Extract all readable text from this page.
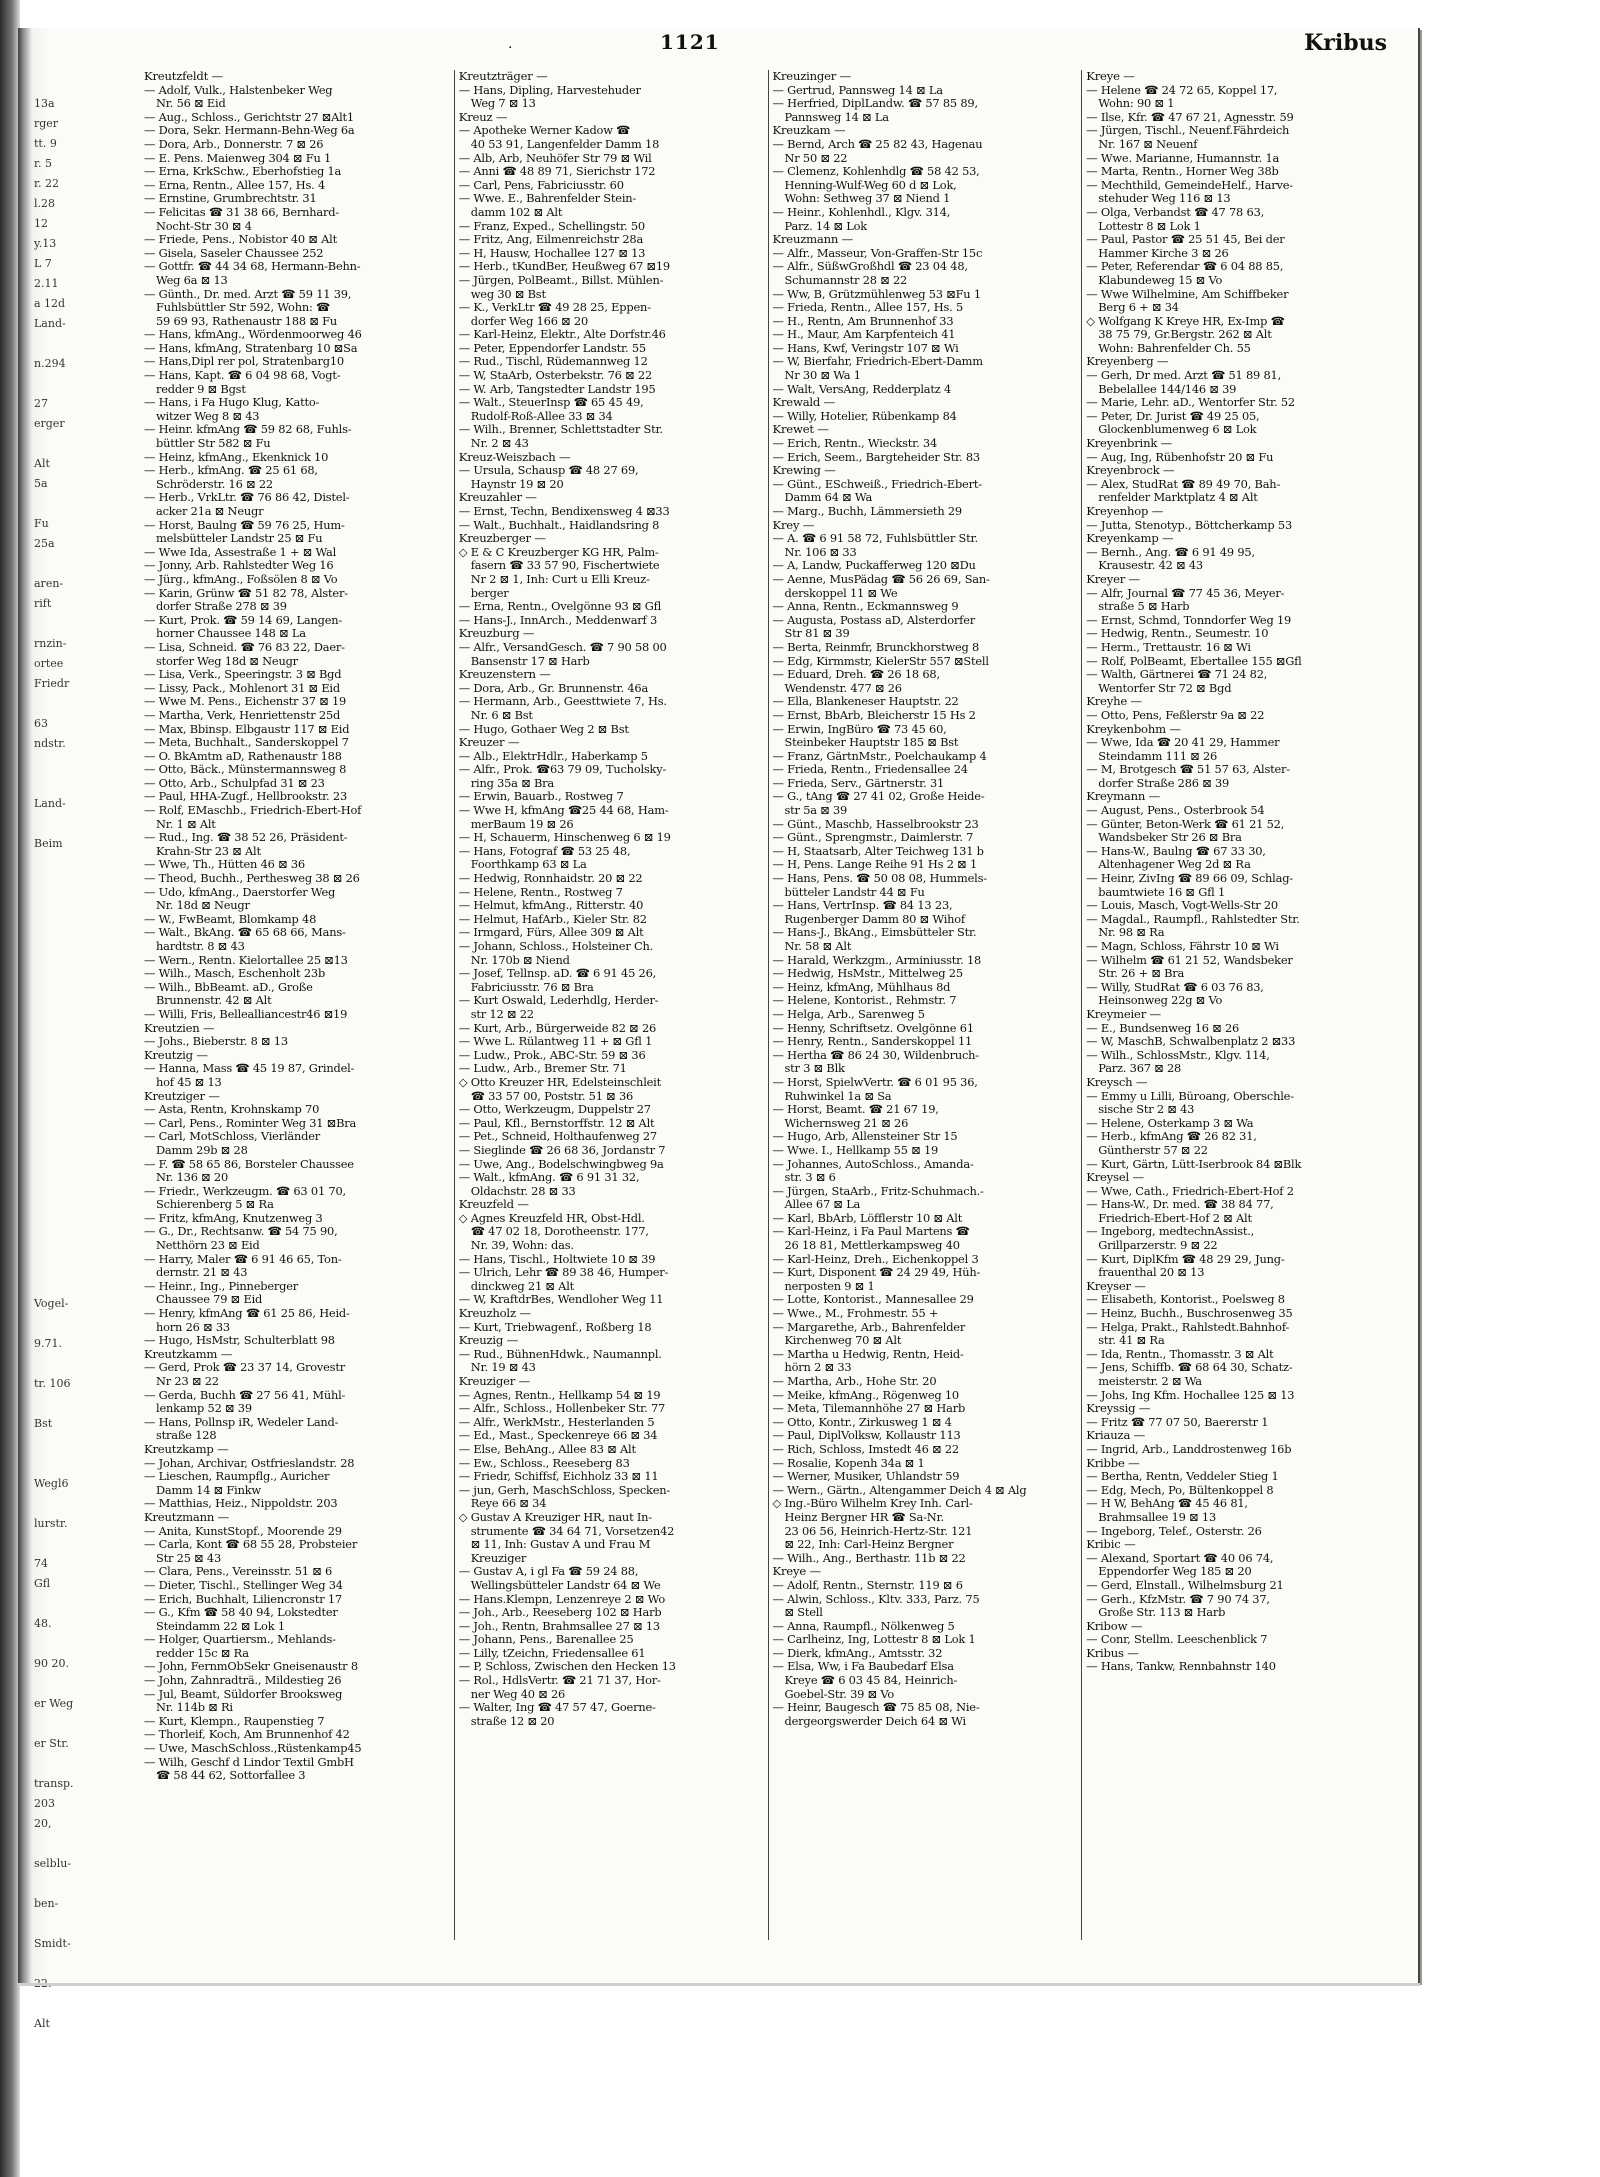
13a
rger
tt. 9
r. 5
r. 22
l.28
12
y.13
L 7
2.11
a 12d
Land-
n.294
27
erger
Alt
5a
Fu
25a
aren-
rift
rnzin-
ortee
Friedr
63
ndstr.
Land-
Beim
Vogel-
9.71.
tr. 106
Bst
Wegl6
lurstr.
74
Gfl
48.
90 20.
er Weg
er Str.
transp.
203
20,
selblu-
ben-
Smidt-
Alt
.	1121	Kribus
Kreutzfeldt —
— Adolf, Vulk., Halstenbeker Weg
Nr. 56 ⊠ Eid
— Aug., Schloss., Gerichtstr 27 ⊠Alt1
— Dora, Sekr. Hermann-Behn-Weg 6a
— Dora, Arb., Donnerstr. 7 ⊠ 26
— E. Pens. Maienweg 304 ⊠ Fu 1
— Erna, KrkSchw., Eberhofstieg 1a
— Erna, Rentn., Allee 157, Hs. 4
— Ernstine, Grumbrechtstr. 31
— Felicitas ☎ 31 38 66, Bernhard-
Nocht-Str 30 ⊠ 4
— Friede, Pens., Nobistor 40 ⊠ Alt
— Gisela, Saseler Chaussee 252
— Gottfr. ☎ 44 34 68, Hermann-Behn-
Weg 6a ⊠ 13
— Günth., Dr. med. Arzt ☎ 59 11 39,
Fuhlsbüttler Str 592, Wohn: ☎
59 69 93, Rathenaustr 188 ⊠ Fu
— Hans, kfmAng., Wördenmoorweg 46
— Hans, kfmAng, Stratenbarg 10 ⊠Sa
— Hans,Dipl rer pol, Stratenbarg10
— Hans, Kapt. ☎ 6 04 98 68, Vogt-
redder 9 ⊠ Bgst
— Hans, i Fa Hugo Klug, Katto-
witzer Weg 8 ⊠ 43
— Heinr. kfmAng ☎ 59 82 68, Fuhls-
büttler Str 582 ⊠ Fu
— Heinz, kfmAng., Ekenknick 10
— Herb., kfmAng. ☎ 25 61 68,
Schröderstr. 16 ⊠ 22
— Herb., VrkLtr. ☎ 76 86 42, Distel-
acker 21a ⊠ Neugr
— Horst, Baulng ☎ 59 76 25, Hum-
melsbütteler Landstr 25 ⊠ Fu
— Wwe Ida, Assestraße 1 + ⊠ Wal
— Jonny, Arb. Rahlstedter Weg 16
— Jürg., kfmAng., Foßsölen 8 ⊠ Vo
— Karin, Grünw ☎ 51 82 78, Alster-
dorfer Straße 278 ⊠ 39
— Kurt, Prok. ☎ 59 14 69, Langen-
horner Chaussee 148 ⊠ La
— Lisa, Schneid. ☎ 76 83 22, Daer-
storfer Weg 18d ⊠ Neugr
— Lisa, Verk., Speeringstr. 3 ⊠ Bgd
— Lissy, Pack., Mohlenort 31 ⊠ Eid
— Wwe M. Pens., Eichenstr 37 ⊠ 19
— Martha, Verk, Henriettenstr 25d
— Max, Bbinsp. Elbgaustr 117 ⊠ Eid
— Meta, Buchhalt., Sanderskoppel 7
— O. BkAmtm aD, Rathenaustr 188
— Otto, Bäck., Münstermannsweg 8
— Otto, Arb., Schulpfad 31 ⊠ 23
— Paul, HHA-Zugf., Hellbrookstr. 23
— Rolf, EMaschb., Friedrich-Ebert-Hof
Nr. 1 ⊠ Alt
— Rud., Ing. ☎ 38 52 26, Präsident-
Krahn-Str 23 ⊠ Alt
— Wwe, Th., Hütten 46 ⊠ 36
— Theod, Buchh., Perthesweg 38 ⊠ 26
— Udo, kfmAng., Daerstorfer Weg
Nr. 18d ⊠ Neugr
— W., FwBeamt, Blomkamp 48
— Walt., BkAng. ☎ 65 68 66, Mans-
hardtstr. 8 ⊠ 43
— Wern., Rentn. Kielortallee 25 ⊠13
— Wilh., Masch, Eschenholt 23b
— Wilh., BbBeamt. aD., Große
Brunnenstr. 42 ⊠ Alt
— Willi, Fris, Bellealliancestr46 ⊠19
Kreutzien —
— Johs., Bieberstr. 8 ⊠ 13
Kreutzig —
— Hanna, Mass ☎ 45 19 87, Grindel-
hof 45 ⊠ 13
Kreutziger —
— Asta, Rentn, Krohnskamp 70
— Carl, Pens., Rominter Weg 31 ⊠Bra
— Carl, MotSchloss, Vierländer
Damm 29b ⊠ 28
— F. ☎ 58 65 86, Borsteler Chaussee
Nr. 136 ⊠ 20
— Friedr., Werkzeugm. ☎ 63 01 70,
Schierenberg 5 ⊠ Ra
— Fritz, kfmAng, Knutzenweg 3
— G., Dr., Rechtsanw. ☎ 54 75 90,
Netthörn 23 ⊠ Eid
— Harry, Maler ☎ 6 91 46 65, Ton-
dernstr. 21 ⊠ 43
— Heinr., Ing., Pinneberger
Chaussee 79 ⊠ Eid
— Henry, kfmAng ☎ 61 25 86, Heid-
horn 26 ⊠ 33
— Hugo, HsMstr, Schulterblatt 98
Kreutzkamm —
— Gerd, Prok ☎ 23 37 14, Grovestr
Nr 23 ⊠ 22
— Gerda, Buchh ☎ 27 56 41, Mühl-
lenkamp 52 ⊠ 39
— Hans, Pollnsp iR, Wedeler Land-
straße 128
Kreutzkamp —
— Johan, Archivar, Ostfrieslandstr. 28
— Lieschen, Raumpflg., Auricher
Damm 14 ⊠ Finkw
— Matthias, Heiz., Nippoldstr. 203
Kreutzmann —
— Anita, KunstStopf., Moorende 29
— Carla, Kont ☎ 68 55 28, Probsteier
Str 25 ⊠ 43
— Clara, Pens., Vereinsstr. 51 ⊠ 6
— Dieter, Tischl., Stellinger Weg 34
— Erich, Buchhalt, Liliencronstr 17
— G., Kfm ☎ 58 40 94, Lokstedter
Steindamm 22 ⊠ Lok 1
— Holger, Quartiersm., Mehlands-
redder 15c ⊠ Ra
— John, FernmObSekr Gneisenaustr 8
— John, Zahnradträ., Mildestieg 26
— Jul, Beamt, Süldorfer Brooksweg
Nr. 114b ⊠ Ri
— Kurt, Klempn., Raupenstieg 7
— Thorleif, Koch, Am Brunnenhof 42
— Uwe, MaschSchloss.,Rüstenkamp45
— Wilh, Geschf d Lindor Textil GmbH
☎ 58 44 62, Sottorfallee 3
Kreutzträger —
— Hans, Dipling, Harvestehuder
Weg 7 ⊠ 13
Kreuz —
— Apotheke Werner Kadow ☎
40 53 91, Langenfelder Damm 18
— Alb, Arb, Neuhöfer Str 79 ⊠ Wil
— Anni ☎ 48 89 71, Sierichstr 172
— Carl, Pens, Fabriciusstr. 60
— Wwe. E., Bahrenfelder Stein-
damm 102 ⊠ Alt
— Franz, Exped., Schellingstr. 50
— Fritz, Ang, Eilmenreichstr 28a
— H, Hausw, Hochallee 127 ⊠ 13
— Herb., tKundBer, Heußweg 67 ⊠19
— Jürgen, PolBeamt., Billst. Mühlen-
weg 30 ⊠ Bst
— K., VerkLtr ☎ 49 28 25, Eppen-
dorfer Weg 166 ⊠ 20
— Karl-Heinz, Elektr., Alte Dorfstr.46
— Peter, Eppendorfer Landstr. 55
— Rud., Tischl, Rüdemannweg 12
— W, StaArb, Osterbekstr. 76 ⊠ 22
— W. Arb, Tangstedter Landstr 195
— Walt., SteuerInsp ☎ 65 45 49,
Rudolf-Roß-Allee 33 ⊠ 34
— Wilh., Brenner, Schlettstadter Str.
Nr. 2 ⊠ 43
Kreuz-Weiszbach —
— Ursula, Schausp ☎ 48 27 69,
Haynstr 19 ⊠ 20
Kreuzahler —
— Ernst, Techn, Bendixensweg 4 ⊠33
— Walt., Buchhalt., Haidlandsring 8
Kreuzberger —
◇ E & C Kreuzberger KG HR, Palm-
fasern ☎ 33 57 90, Fischertwiete
Nr 2 ⊠ 1, Inh: Curt u Elli Kreuz-
berger
— Erna, Rentn., Ovelgönne 93 ⊠ Gfl
— Hans-J., InnArch., Meddenwarf 3
Kreuzburg —
— Alfr., VersandGesch. ☎ 7 90 58 00
Bansenstr 17 ⊠ Harb
Kreuzenstern —
— Dora, Arb., Gr. Brunnenstr. 46a
— Hermann, Arb., Geesttwiete 7, Hs.
Nr. 6 ⊠ Bst
— Hugo, Gothaer Weg 2 ⊠ Bst
Kreuzer —
— Alb., ElektrHdlr., Haberkamp 5
— Alfr., Prok. ☎63 79 09, Tucholsky-
ring 35a ⊠ Bra
— Erwin, Bauarb., Rostweg 7
— Wwe H, kfmAng ☎25 44 68, Ham-
merBaum 19 ⊠ 26
— H, Schauerm, Hinschenweg 6 ⊠ 19
— Hans, Fotograf ☎ 53 25 48,
Foorthkamp 63 ⊠ La
— Hedwig, Ronnhaidstr. 20 ⊠ 22
— Helene, Rentn., Rostweg 7
— Helmut, kfmAng., Ritterstr. 40
— Helmut, HafArb., Kieler Str. 82
— Irmgard, Fürs, Allee 309 ⊠ Alt
— Johann, Schloss., Holsteiner Ch.
Nr. 170b ⊠ Niend
— Josef, Tellnsp. aD. ☎ 6 91 45 26,
Fabriciusstr. 76 ⊠ Bra
— Kurt Oswald, Lederhdlg, Herder-
str 12 ⊠ 22
— Kurt, Arb., Bürgerweide 82 ⊠ 26
— Wwe L. Rülantweg 11 + ⊠ Gfl 1
— Ludw., Prok., ABC-Str. 59 ⊠ 36
— Ludw., Arb., Bremer Str. 71
◇ Otto Kreuzer HR, Edelsteinschleit
☎ 33 57 00, Poststr. 51 ⊠ 36
— Otto, Werkzeugm, Duppelstr 27
— Paul, Kfl., Bernstorffstr. 12 ⊠ Alt
— Pet., Schneid, Holthaufenweg 27
— Sieglinde ☎ 26 68 36, Jordanstr 7
— Uwe, Ang., Bodelschwingbweg 9a
— Walt., kfmAng. ☎ 6 91 31 32,
Oldachstr. 28 ⊠ 33
Kreuzfeld —
◇ Agnes Kreuzfeld HR, Obst-Hdl.
☎ 47 02 18, Dorotheenstr. 177,
Nr. 39, Wohn: das.
— Hans, Tischl., Holtwiete 10 ⊠ 39
— Ulrich, Lehr ☎ 89 38 46, Humper-
dinckweg 21 ⊠ Alt
— W, KraftdrBes, Wendloher Weg 11
Kreuzholz —
— Kurt, Triebwagenf., Roßberg 18
Kreuzig —
— Rud., BühnenHdwk., Naumannpl.
Nr. 19 ⊠ 43
Kreuziger —
— Agnes, Rentn., Hellkamp 54 ⊠ 19
— Alfr., Schloss., Hollenbeker Str. 77
— Alfr., WerkMstr., Hesterlanden 5
— Ed., Mast., Speckenreye 66 ⊠ 34
— Else, BehAng., Allee 83 ⊠ Alt
— Ew., Schloss., Reeseberg 83
— Friedr, Schiffsf, Eichholz 33 ⊠ 11
— jun, Gerh, MaschSchloss, Specken-
Reye 66 ⊠ 34
◇ Gustav A Kreuziger HR, naut In-
strumente ☎ 34 64 71, Vorsetzen42
⊠ 11, Inh: Gustav A und Frau M
Kreuziger
— Gustav A, i gl Fa ☎ 59 24 88,
Wellingsbütteler Landstr 64 ⊠ We
— Hans.Klempn, Lenzenreye 2 ⊠ Wo
— Joh., Arb., Reeseberg 102 ⊠ Harb
— Joh., Rentn, Brahmsallee 27 ⊠ 13
— Johann, Pens., Barenallee 25
— Lilly, tZeichn, Friedensallee 61
— P, Schloss, Zwischen den Hecken 13
— Rol., HdlsVertr. ☎ 21 71 37, Hor-
ner Weg 40 ⊠ 26
— Walter, Ing ☎ 47 57 47, Goerne-
straße 12 ⊠ 20
Kreuzinger —
— Gertrud, Pannsweg 14 ⊠ La
— Herfried, DiplLandw. ☎ 57 85 89,
Pannsweg 14 ⊠ La
Kreuzkam —
— Bernd, Arch ☎ 25 82 43, Hagenau
Nr 50 ⊠ 22
— Clemenz, Kohlenhdlg ☎ 58 42 53,
Henning-Wulf-Weg 60 d ⊠ Lok,
Wohn: Sethweg 37 ⊠ Niend 1
— Heinr., Kohlenhdl., Klgv. 314,
Parz. 14 ⊠ Lok
Kreuzmann —
— Alfr., Masseur, Von-Graffen-Str 15c
— Alfr., SüßwGroßhdl ☎ 23 04 48,
Schumannstr 28 ⊠ 22
— Ww, B, Grützmühlenweg 53 ⊠Fu 1
— Frieda, Rentn., Allee 157, Hs. 5
— H., Rentn, Am Brunnenhof 33
— H., Maur, Am Karpfenteich 41
— Hans, Kwf, Veringstr 107 ⊠ Wi
— W, Bierfahr, Friedrich-Ebert-Damm
Nr 30 ⊠ Wa 1
— Walt, VersAng, Redderplatz 4
Krewald —
— Willy, Hotelier, Rübenkamp 84
Krewet —
— Erich, Rentn., Wieckstr. 34
— Erich, Seem., Bargteheider Str. 83
Krewing —
— Günt., ESchweiß., Friedrich-Ebert-
Damm 64 ⊠ Wa
— Marg., Buchh, Lämmersieth 29
Krey —
— A. ☎ 6 91 58 72, Fuhlsbüttler Str.
Nr. 106 ⊠ 33
— A, Landw, Puckafferweg 120 ⊠Du
— Aenne, MusPädag ☎ 56 26 69, San-
derskoppel 11 ⊠ We
— Anna, Rentn., Eckmannsweg 9
— Augusta, Postass aD, Alsterdorfer
Str 81 ⊠ 39
— Berta, Reinmfr, Brunckhorstweg 8
— Edg, Kirmmstr, KielerStr 557 ⊠Stell
— Eduard, Dreh. ☎ 26 18 68,
Wendenstr. 477 ⊠ 26
— Ella, Blankeneser Hauptstr. 22
— Ernst, BbArb, Bleicherstr 15 Hs 2
— Erwin, IngBüro ☎ 73 45 60,
Steinbeker Hauptstr 185 ⊠ Bst
— Franz, GärtnMstr., Poelchaukamp 4
— Frieda, Rentn., Friedensallee 24
— Frieda, Serv., Gärtnerstr. 31
— G., tAng ☎ 27 41 02, Große Heide-
str 5a ⊠ 39
— Günt., Maschb, Hasselbrookstr 23
— Günt., Sprengmstr., Daimlerstr. 7
— H, Staatsarb, Alter Teichweg 131 b
— H, Pens. Lange Reihe 91 Hs 2 ⊠ 1
— Hans, Pens. ☎ 50 08 08, Hummels-
bütteler Landstr 44 ⊠ Fu
— Hans, VertrInsp. ☎ 84 13 23,
Rugenberger Damm 80 ⊠ Wihof
— Hans-J., BkAng., Eimsbütteler Str.
Nr. 58 ⊠ Alt
— Harald, Werkzgm., Arminiusstr. 18
— Hedwig, HsMstr., Mittelweg 25
— Heinz, kfmAng, Mühlhaus 8d
— Helene, Kontorist., Rehmstr. 7
— Helga, Arb., Sarenweg 5
— Henny, Schriftsetz. Ovelgönne 61
— Henry, Rentn., Sanderskoppel 11
— Hertha ☎ 86 24 30, Wildenbruch-
str 3 ⊠ Blk
— Horst, SpielwVertr. ☎ 6 01 95 36,
Ruhwinkel 1a ⊠ Sa
— Horst, Beamt. ☎ 21 67 19,
Wichernsweg 21 ⊠ 26
— Hugo, Arb, Allensteiner Str 15
— Wwe. I., Hellkamp 55 ⊠ 19
— Johannes, AutoSchloss., Amanda-
str. 3 ⊠ 6
— Jürgen, StaArb., Fritz-Schuhmach.-
Allee 67 ⊠ La
— Karl, BbArb, Löfflerstr 10 ⊠ Alt
— Karl-Heinz, i Fa Paul Martens ☎
26 18 81, Mettlerkampsweg 40
— Karl-Heinz, Dreh., Eichenkoppel 3
— Kurt, Disponent ☎ 24 29 49, Hüh-
nerposten 9 ⊠ 1
— Lotte, Kontorist., Mannesallee 29
— Wwe., M., Frohmestr. 55 +
— Margarethe, Arb., Bahrenfelder
Kirchenweg 70 ⊠ Alt
— Martha u Hedwig, Rentn, Heid-
hörn 2 ⊠ 33
— Martha, Arb., Hohe Str. 20
— Meike, kfmAng., Rögenweg 10
— Meta, Tilemannhöhe 27 ⊠ Harb
— Otto, Kontr., Zirkusweg 1 ⊠ 4
— Paul, DiplVolksw, Kollaustr 113
— Rich, Schloss, Imstedt 46 ⊠ 22
— Rosalie, Kopenh 34a ⊠ 1
— Werner, Musiker, Uhlandstr 59
— Wern., Gärtn., Altengammer Deich 4 ⊠ Alg
◇ Ing.-Büro Wilhelm Krey Inh. Carl-
Heinz Bergner HR ☎ Sa-Nr.
23 06 56, Heinrich-Hertz-Str. 121
⊠ 22, Inh: Carl-Heinz Bergner
— Wilh., Ang., Berthastr. 11b ⊠ 22
Kreye —
— Adolf, Rentn., Sternstr. 119 ⊠ 6
— Alwin, Schloss., Kltv. 333, Parz. 75
⊠ Stell
— Anna, Raumpfl., Nölkenweg 5
— Carlheinz, Ing, Lottestr 8 ⊠ Lok 1
— Dierk, kfmAng., Amtsstr. 32
— Elsa, Ww, i Fa Baubedarf Elsa
Kreye ☎ 6 03 45 84, Heinrich-
Goebel-Str. 39 ⊠ Vo
— Heinr, Baugesch ☎ 75 85 08, Nie-
dergeorgswerder Deich 64 ⊠ Wi
Kreye —
— Helene ☎ 24 72 65, Koppel 17,
Wohn: 90 ⊠ 1
— Ilse, Kfr. ☎ 47 67 21, Agnesstr. 59
— Jürgen, Tischl., Neuenf.Fährdeich
Nr. 167 ⊠ Neuenf
— Wwe. Marianne, Humannstr. 1a
— Marta, Rentn., Horner Weg 38b
— Mechthild, GemeindeHelf., Harve-
stehuder Weg 116 ⊠ 13
— Olga, Verbandst ☎ 47 78 63,
Lottestr 8 ⊠ Lok 1
— Paul, Pastor ☎ 25 51 45, Bei der
Hammer Kirche 3 ⊠ 26
— Peter, Referendar ☎ 6 04 88 85,
Klabundeweg 15 ⊠ Vo
— Wwe Wilhelmine, Am Schiffbeker
Berg 6 + ⊠ 34
◇ Wolfgang K Kreye HR, Ex-Imp ☎
38 75 79, Gr.Bergstr. 262 ⊠ Alt
Wohn: Bahrenfelder Ch. 55
Kreyenberg —
— Gerh, Dr med. Arzt ☎ 51 89 81,
Bebelallee 144/146 ⊠ 39
— Marie, Lehr. aD., Wentorfer Str. 52
— Peter, Dr. Jurist ☎ 49 25 05,
Glockenblumenweg 6 ⊠ Lok
Kreyenbrink —
— Aug, Ing, Rübenhofstr 20 ⊠ Fu
Kreyenbrock —
— Alex, StudRat ☎ 89 49 70, Bah-
renfelder Marktplatz 4 ⊠ Alt
Kreyenhop —
— Jutta, Stenotyp., Böttcherkamp 53
Kreyenkamp —
— Bernh., Ang. ☎ 6 91 49 95,
Krausestr. 42 ⊠ 43
Kreyer —
— Alfr, Journal ☎ 77 45 36, Meyer-
straße 5 ⊠ Harb
— Ernst, Schmd, Tonndorfer Weg 19
— Hedwig, Rentn., Seumestr. 10
— Herm., Trettaustr. 16 ⊠ Wi
— Rolf, PolBeamt, Ebertallee 155 ⊠Gfl
— Walth, Gärtnerei ☎ 71 24 82,
Wentorfer Str 72 ⊠ Bgd
Kreyhe —
— Otto, Pens, Feßlerstr 9a ⊠ 22
Kreykenbohm —
— Wwe, Ida ☎ 20 41 29, Hammer
Steindamm 111 ⊠ 26
— M, Brotgesch ☎ 51 57 63, Alster-
dorfer Straße 286 ⊠ 39
Kreymann —
— August, Pens., Osterbrook 54
— Günter, Beton-Werk ☎ 61 21 52,
Wandsbeker Str 26 ⊠ Bra
— Hans-W., Baulng ☎ 67 33 30,
Altenhagener Weg 2d ⊠ Ra
— Heinr, ZivIng ☎ 89 66 09, Schlag-
baumtwiete 16 ⊠ Gfl 1
— Louis, Masch, Vogt-Wells-Str 20
— Magdal., Raumpfl., Rahlstedter Str.
Nr. 98 ⊠ Ra
— Magn, Schloss, Fährstr 10 ⊠ Wi
— Wilhelm ☎ 61 21 52, Wandsbeker
Str. 26 + ⊠ Bra
— Willy, StudRat ☎ 6 03 76 83,
Heinsonweg 22g ⊠ Vo
Kreymeier —
— E., Bundsenweg 16 ⊠ 26
— W, MaschB, Schwalbenplatz 2 ⊠33
— Wilh., SchlossMstr., Klgv. 114,
Parz. 367 ⊠ 28
Kreysch —
— Emmy u Lilli, Büroang, Oberschle-
sische Str 2 ⊠ 43
— Helene, Osterkamp 3 ⊠ Wa
— Herb., kfmAng ☎ 26 82 31,
Güntherstr 57 ⊠ 22
— Kurt, Gärtn, Lütt-Iserbrook 84 ⊠Blk
Kreysel —
— Wwe, Cath., Friedrich-Ebert-Hof 2
— Hans-W., Dr. med. ☎ 38 84 77,
Friedrich-Ebert-Hof 2 ⊠ Alt
— Ingeborg, medtechnAssist.,
Grillparzerstr. 9 ⊠ 22
— Kurt, DiplKfm ☎ 48 29 29, Jung-
frauenthal 20 ⊠ 13
Kreyser —
— Elisabeth, Kontorist., Poelsweg 8
— Heinz, Buchh., Buschrosenweg 35
— Helga, Prakt., Rahlstedt.Bahnhof-
str. 41 ⊠ Ra
— Ida, Rentn., Thomasstr. 3 ⊠ Alt
— Jens, Schiffb. ☎ 68 64 30, Schatz-
meisterstr. 2 ⊠ Wa
— Johs, Ing Kfm. Hochallee 125 ⊠ 13
Kreyssig —
— Fritz ☎ 77 07 50, Baererstr 1
Kriauza —
— Ingrid, Arb., Landdrostenweg 16b
Kribbe —
— Bertha, Rentn, Veddeler Stieg 1
— Edg, Mech, Po, Bültenkoppel 8
— H W, BehAng ☎ 45 46 81,
Brahmsallee 19 ⊠ 13
— Ingeborg, Telef., Osterstr. 26
Kribic —
— Alexand, Sportart ☎ 40 06 74,
Eppendorfer Weg 185 ⊠ 20
— Gerd, Elnstall., Wilhelmsburg 21
— Gerh., KfzMstr. ☎ 7 90 74 37,
Große Str. 113 ⊠ Harb
Kribow —
— Conr, Stellm. Leeschenblick 7
Kribus —
— Hans, Tankw, Rennbahnstr 140
